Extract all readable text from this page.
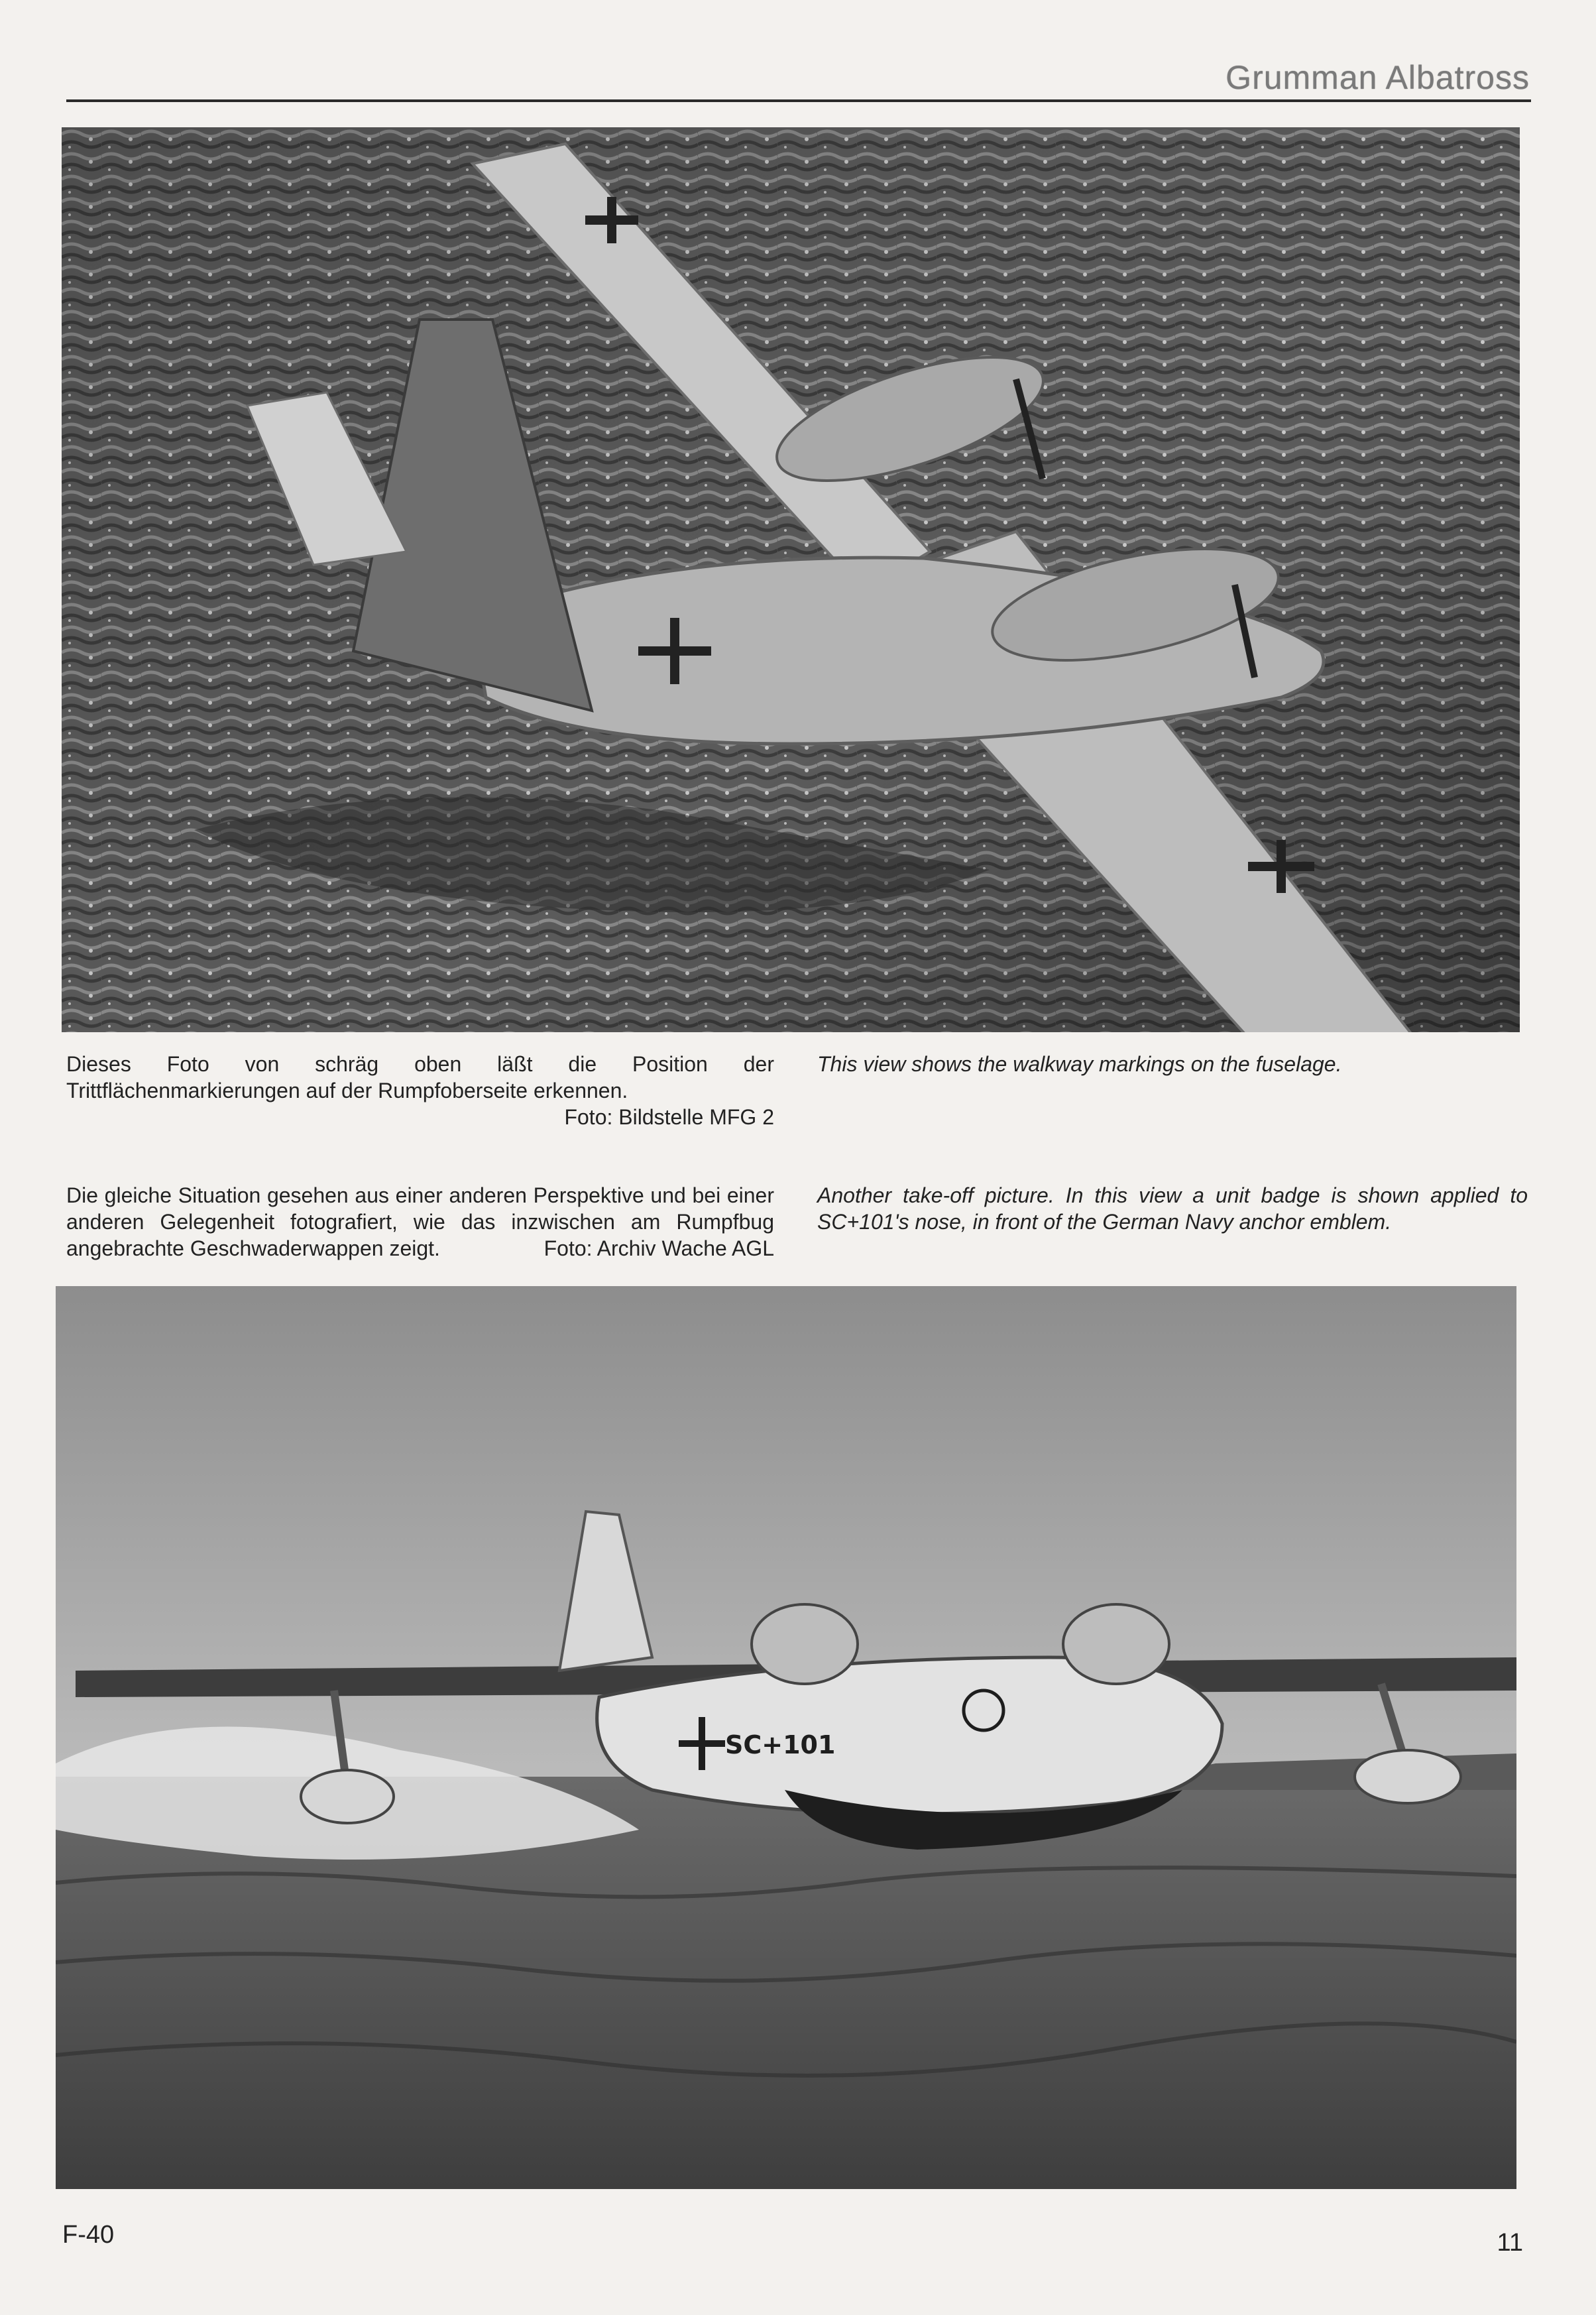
Grumman Albatross
Dieses Foto von schräg oben läßt die Position der Trittflächenmarkierungen auf der Rumpfoberseite erkennen.
Foto: Bildstelle MFG 2
This view shows the walkway markings on the fuselage.
Die gleiche Situation gesehen aus einer anderen Perspektive und bei einer anderen Gelegenheit fotografiert, wie das inzwischen am Rumpfbug angebrachte Geschwaderwappen zeigt.	Foto: Archiv Wache AGL
Another take-off picture. In this view a unit badge is shown applied to SC+101's nose, in front of the German Navy anchor emblem.
SC+101
F-40	11
